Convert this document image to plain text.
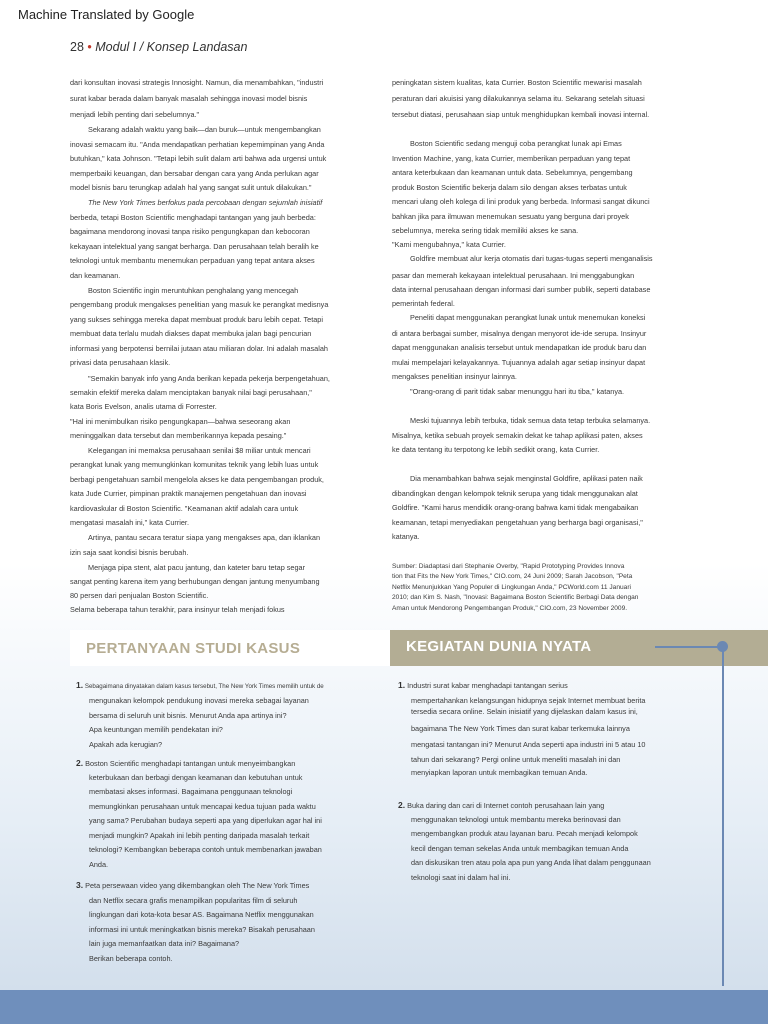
Machine Translated by Google
28 • Modul I / Konsep Landasan
dari konsultan inovasi strategis Innosight. Namun, dia menambahkan, "industri
surat kabar berada dalam banyak masalah sehingga inovasi model bisnis
menjadi lebih penting dari sebelumnya."
Sekarang adalah waktu yang baik—dan buruk—untuk mengembangkan
inovasi semacam itu. "Anda mendapatkan perhatian kepemimpinan yang Anda
butuhkan," kata Johnson. "Tetapi lebih sulit dalam arti bahwa ada urgensi untuk
memperbaiki keuangan, dan bersabar dengan cara yang Anda perlukan agar
model bisnis baru terungkap adalah hal yang sangat sulit untuk dilakukan."
The New York Times berfokus pada percobaan dengan sejumlah inisiatif
berbeda, tetapi Boston Scientific menghadapi tantangan yang jauh berbeda:
bagaimana mendorong inovasi tanpa risiko pengungkapan dan kebocoran
kekayaan intelektual yang sangat berharga. Dan perusahaan telah beralih ke
teknologi untuk membantu menemukan perpaduan yang tepat antara akses
dan keamanan.
Boston Scientific ingin meruntuhkan penghalang yang mencegah
pengembang produk mengakses penelitian yang masuk ke perangkat medisnya
yang sukses sehingga mereka dapat membuat produk baru lebih cepat. Tetapi
membuat data terlalu mudah diakses dapat membuka jalan bagi pencurian
informasi yang berpotensi bernilai jutaan atau miliaran dolar. Ini adalah masalah
privasi data perusahaan klasik.
"Semakin banyak info yang Anda berikan kepada pekerja berpengetahuan,
semakin efektif mereka dalam menciptakan banyak nilai bagi perusahaan,"
kata Boris Evelson, analis utama di Forrester.
"Hal ini menimbulkan risiko pengungkapan—bahwa seseorang akan
meninggalkan data tersebut dan memberikannya kepada pesaing."
Kelegangan ini memaksa perusahaan senilai $8 miliar untuk mencari
perangkat lunak yang memungkinkan komunitas teknik yang lebih luas untuk
berbagi pengetahuan sambil mengelola akses ke data pengembangan produk,
kata Jude Currier, pimpinan praktik manajemen pengetahuan dan inovasi
kardiovaskular di Boston Scientific. "Keamanan aktif adalah cara untuk
mengatasi masalah ini," kata Currier.
Artinya, pantau secara teratur siapa yang mengakses apa, dan iklankan
izin saja saat kondisi bisnis berubah.
Menjaga pipa stent, alat pacu jantung, dan kateter baru tetap segar
sangat penting karena item yang berhubungan dengan jantung menyumbang
80 persen dari penjualan Boston Scientific.
Selama beberapa tahun terakhir, para insinyur telah menjadi fokus
peningkatan sistem kualitas, kata Currier. Boston Scientific mewarisi masalah
peraturan dari akuisisi yang dilakukannya selama itu. Sekarang setelah situasi
tersebut diatasi, perusahaan siap untuk menghidupkan kembali inovasi internal.
Boston Scientific sedang menguji coba perangkat lunak api Emas
Invention Machine, yang, kata Currier, memberikan perpaduan yang tepat
antara keterbukaan dan keamanan untuk data. Sebelumnya, pengembang
produk Boston Scientific bekerja dalam silo dengan akses terbatas untuk
mencari ulang oleh kolega di lini produk yang berbeda. Informasi sangat dikunci
bahkan jika para ilmuwan menemukan sesuatu yang berguna dari proyek
sebelumnya, mereka sering tidak memiliki akses ke sana.
"Kami mengubahnya," kata Currier.
Goldfire membuat alur kerja otomatis dari tugas-tugas seperti menganalisis
pasar dan memerah kekayaan intelektual perusahaan. Ini menggabungkan
data internal perusahaan dengan informasi dari sumber publik, seperti database
pemerintah federal.
Peneliti dapat menggunakan perangkat lunak untuk menemukan koneksi
di antara berbagai sumber, misalnya dengan menyorot ide-ide serupa. Insinyur
dapat menggunakan analisis tersebut untuk mendapatkan ide produk baru dan
mulai mempelajari kelayakannya. Tujuannya adalah agar setiap insinyur dapat
mengakses penelitian insinyur lainnya.
"Orang-orang di parit tidak sabar menunggu hari itu tiba," katanya.
Meski tujuannya lebih terbuka, tidak semua data tetap terbuka selamanya.
Misalnya, ketika sebuah proyek semakin dekat ke tahap aplikasi paten, akses
ke data tentang itu terpotong ke lebih sedikit orang, kata Currier.
Dia menambahkan bahwa sejak menginstal Goldfire, aplikasi paten naik
dibandingkan dengan kelompok teknik serupa yang tidak menggunakan alat
Goldfire. "Kami harus mendidik orang-orang bahwa kami tidak mengabaikan
keamanan, tetapi menyediakan pengetahuan yang berharga bagi organisasi,"
katanya.
Sumber: Diadaptasi dari Stephanie Overby, "Rapid Prototyping Provides Innova
tion that Fits the New York Times," CIO.com, 24 Juni 2009; Sarah Jacobson, "Peta
Netflix Menunjukkan Yang Populer di Lingkungan Anda," PCWorld.com 11 Januari
2010; dan Kim S. Nash, "Inovasi: Bagaimana Boston Scientific Berbagi Data dengan
Aman untuk Mendorong Pengembangan Produk," CIO.com, 23 November 2009.
PERTANYAAN STUDI KASUS	KEGIATAN DUNIA NYATA
1. Sebagaimana dinyatakan dalam kasus tersebut, The New York Times memilih untuk de
mengunakan kelompok pendukung inovasi mereka sebagai layanan
bersama di seluruh unit bisnis. Menurut Anda apa artinya ini?
Apa keuntungan memilih pendekatan ini?
Apakah ada kerugian?
2. Boston Scientific menghadapi tantangan untuk menyeimbangkan
keterbukaan dan berbagi dengan keamanan dan kebutuhan untuk
membatasi akses informasi. Bagaimana penggunaan teknologi
memungkinkan perusahaan untuk mencapai kedua tujuan pada waktu
yang sama? Perubahan budaya seperti apa yang diperlukan agar hal ini
menjadi mungkin? Apakah ini lebih penting daripada masalah terkait
teknologi? Kembangkan beberapa contoh untuk membenarkan jawaban
Anda.
3. Peta persewaan video yang dikembangkan oleh The New York Times
dan Netflix secara grafis menampilkan popularitas film di seluruh
lingkungan dari kota-kota besar AS. Bagaimana Netflix menggunakan
informasi ini untuk meningkatkan bisnis mereka? Bisakah perusahaan
lain juga memanfaatkan data ini? Bagaimana?
Berikan beberapa contoh.
1. Industri surat kabar menghadapi tantangan serius
mempertahankan kelangsungan hidupnya sejak Internet membuat berita
tersedia secara online. Selain inisiatif yang dijelaskan dalam kasus ini,
bagaimana The New York Times dan surat kabar terkemuka lainnya
mengatasi tantangan ini? Menurut Anda seperti apa industri ini 5 atau 10
tahun dari sekarang? Pergi online untuk meneliti masalah ini dan
menyiapkan laporan untuk membagikan temuan Anda.
2. Buka daring dan cari di Internet contoh perusahaan lain yang
menggunakan teknologi untuk membantu mereka berinovasi dan
mengembangkan produk atau layanan baru. Pecah menjadi kelompok
kecil dengan teman sekelas Anda untuk membagikan temuan Anda
dan diskusikan tren atau pola apa pun yang Anda lihat dalam penggunaan
teknologi saat ini dalam hal ini.
